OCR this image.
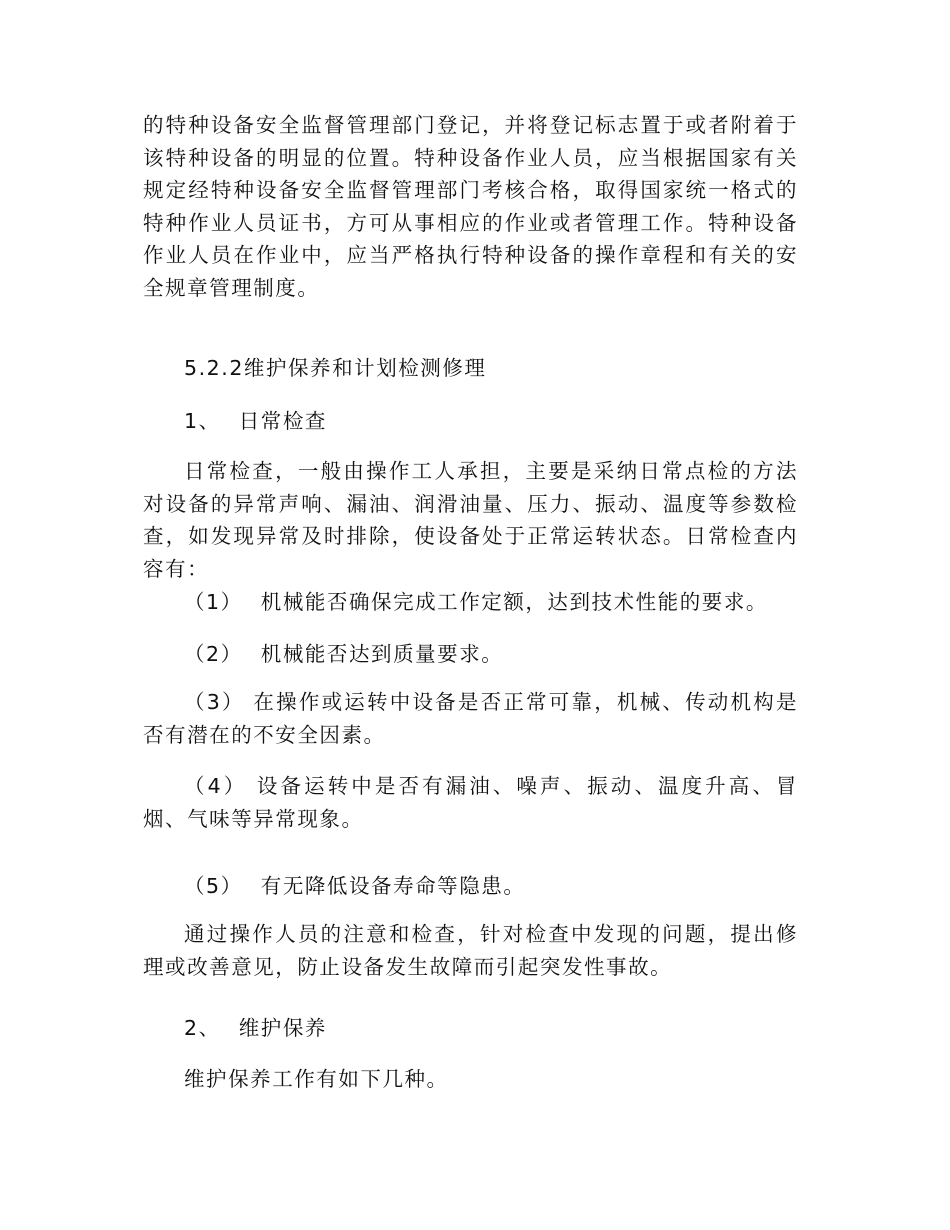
的特种设备安全监督管理部门登记，并将登记标志置于或者附着于该特种设备的明显的位置。特种设备作业人员，应当根据国家有关规定经特种设备安全监督管理部门考核合格，取得国家统一格式的特种作业人员证书，方可从事相应的作业或者管理工作。特种设备作业人员在作业中，应当严格执行特种设备的操作章程和有关的安全规章管理制度。

5.2.2维护保养和计划检测修理
1、 日常检查

日常检查，一般由操作工人承担，主要是采纳日常点检的方法对设备的异常声响、漏油、润滑油量、压力、振动、温度等参数检查，如发现异常及时排除，使设备处于正常运转状态。日常检查内容有：

（1） 机械能否确保完成工作定额，达到技术性能的要求。
（2） 机械能否达到质量要求。

（3） 在操作或运转中设备是否正常可靠，机械、传动机构是否有潜在的不安全因素。

（4） 设备运转中是否有漏油、噪声、振动、温度升高、冒烟、气味等异常现象。

（5） 有无降低设备寿命等隐患。

通过操作人员的注意和检查，针对检查中发现的问题，提出修理或改善意见，防止设备发生故障而引起突发性事故。

2、 维护保养
维护保养工作有如下几种。
